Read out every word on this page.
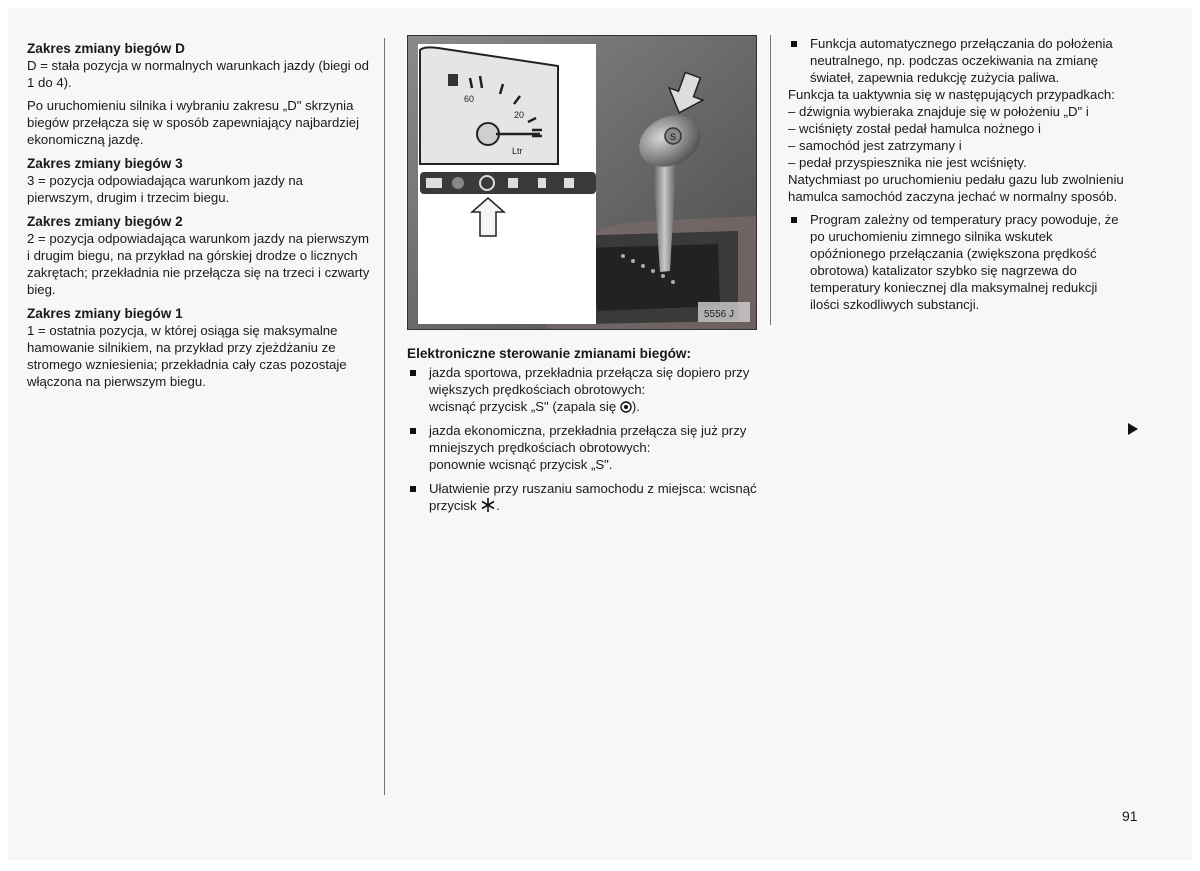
Zakres zmiany biegów D

D = stała pozycja w normalnych warunkach jazdy (biegi od 1 do 4).

Po uruchomieniu silnika i wybraniu zakresu „D" skrzynia biegów przełącza się w sposób zapewniający najbardziej ekonomiczną jazdę.

Zakres zmiany biegów 3

3 = pozycja odpowiadająca warunkom jazdy na pierwszym, drugim i trzecim biegu.

Zakres zmiany biegów 2

2 = pozycja odpowiadająca warunkom jazdy na pierwszym i drugim biegu, na przykład na górskiej drodze o licznych zakrętach; przekładnia nie przełącza się na trzeci i czwarty bieg.

Zakres zmiany biegów 1

1 = ostatnia pozycja, w której osiąga się maksymalne hamowanie silnikiem, na przykład przy zjeżdżaniu ze stromego wzniesienia; przekładnia cały czas pozostaje włączona na pierwszym biegu.

S
60
20
Ltr
5556 J
Elektroniczne sterowanie zmianami biegów:
jazda sportowa, przekładnia przełącza się dopiero przy większych prędkościach obrotowych:
wcisnąć przycisk „S" (zapala się ).
jazda ekonomiczna, przekładnia przełącza się już przy mniejszych prędkościach obrotowych:
ponownie wcisnąć przycisk „S".
Ułatwienie przy ruszaniu samochodu z miejsca: wcisnąć przycisk .
Funkcja automatycznego przełączania do położenia neutralnego, np. podczas oczekiwania na zmianę świateł, zapewnia redukcję zużycia paliwa.

Funkcja ta uaktywnia się w następujących przypadkach:

– dźwignia wybieraka znajduje się w położeniu „D" i

– wciśnięty został pedał hamulca nożnego i

– samochód jest zatrzymany i

– pedał przyspiesznika nie jest wciśnięty.

Natychmiast po uruchomieniu pedału gazu lub zwolnieniu hamulca samochód zaczyna jechać w normalny sposób.

Program zależny od temperatury pracy powoduje, że po uruchomieniu zimnego silnika wskutek opóźnionego przełączania (zwiększona prędkość obrotowa) katalizator szybko się nagrzewa do temperatury koniecznej dla maksymalnej redukcji ilości szkodliwych substancji.
91
